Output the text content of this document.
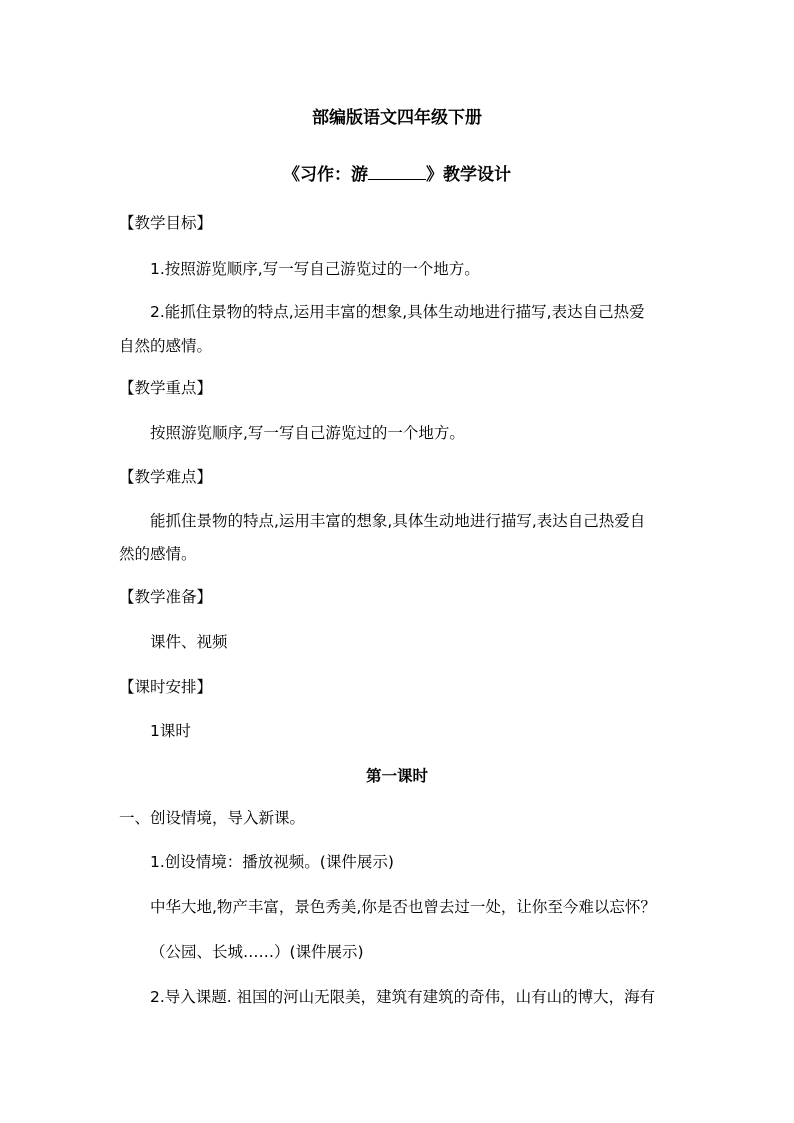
部编版语文四年级下册
《习作：游	》教学设计
【教学目标】
1.按照游览顺序,写一写自己游览过的一个地方。
2.能抓住景物的特点,运用丰富的想象,具体生动地进行描写,表达自己热爱
自然的感情。
【教学重点】
按照游览顺序,写一写自己游览过的一个地方。
【教学难点】
能抓住景物的特点,运用丰富的想象,具体生动地进行描写,表达自己热爱自
然的感情。
【教学准备】
课件、视频
【课时安排】
1课时
第一课时
一、创设情境，导入新课。
1.创设情境：播放视频。(课件展示)
中华大地,物产丰富，景色秀美,你是否也曾去过一处，让你至今难以忘怀？
（公园、长城……）(课件展示)
2.导入课题. 祖国的河山无限美，建筑有建筑的奇伟，山有山的博大，海有
